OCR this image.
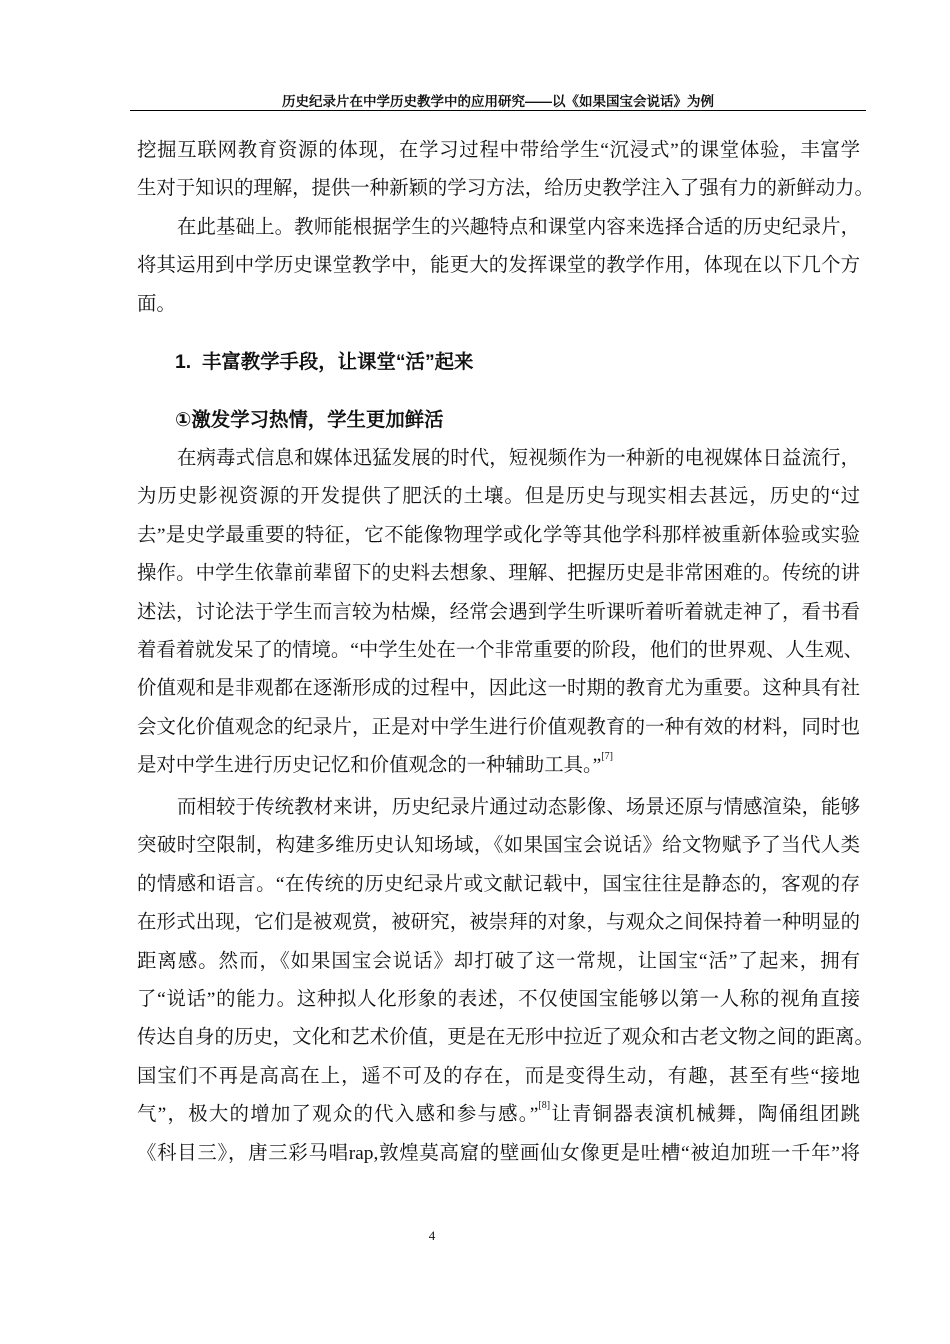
历史纪录片在中学历史教学中的应用研究——以《如果国宝会说话》为例
挖掘互联网教育资源的体现，在学习过程中带给学生“沉浸式”的课堂体验，丰富学
生对于知识的理解，提供一种新颖的学习方法，给历史教学注入了强有力的新鲜动力。
在此基础上。教师能根据学生的兴趣特点和课堂内容来选择合适的历史纪录片，
将其运用到中学历史课堂教学中，能更大的发挥课堂的教学作用，体现在以下几个方
面。
1. 丰富教学手段，让课堂“活”起来
①激发学习热情，学生更加鲜活
在病毒式信息和媒体迅猛发展的时代，短视频作为一种新的电视媒体日益流行，
为历史影视资源的开发提供了肥沃的土壤。但是历史与现实相去甚远，历史的“过
去”是史学最重要的特征，它不能像物理学或化学等其他学科那样被重新体验或实验
操作。中学生依靠前辈留下的史料去想象、理解、把握历史是非常困难的。传统的讲
述法，讨论法于学生而言较为枯燥，经常会遇到学生听课听着听着就走神了，看书看
着看着就发呆了的情境。“中学生处在一个非常重要的阶段，他们的世界观、人生观、
价值观和是非观都在逐渐形成的过程中，因此这一时期的教育尤为重要。这种具有社
会文化价值观念的纪录片，正是对中学生进行价值观教育的一种有效的材料，同时也
是对中学生进行历史记忆和价值观念的一种辅助工具。”[7]
而相较于传统教材来讲，历史纪录片通过动态影像、场景还原与情感渲染，能够
突破时空限制，构建多维历史认知场域，《如果国宝会说话》给文物赋予了当代人类
的情感和语言。“在传统的历史纪录片或文献记载中，国宝往往是静态的，客观的存
在形式出现，它们是被观赏，被研究，被崇拜的对象，与观众之间保持着一种明显的
距离感。然而，《如果国宝会说话》却打破了这一常规，让国宝“活”了起来，拥有
了“说话”的能力。这种拟人化形象的表述，不仅使国宝能够以第一人称的视角直接
传达自身的历史，文化和艺术价值，更是在无形中拉近了观众和古老文物之间的距离。
国宝们不再是高高在上，遥不可及的存在，而是变得生动，有趣，甚至有些“接地
气”，极大的增加了观众的代入感和参与感。”[8]让青铜器表演机械舞，陶俑组团跳
《科目三》，唐三彩马唱rap,敦煌莫高窟的壁画仙女像更是吐槽“被迫加班一千年”将
4
